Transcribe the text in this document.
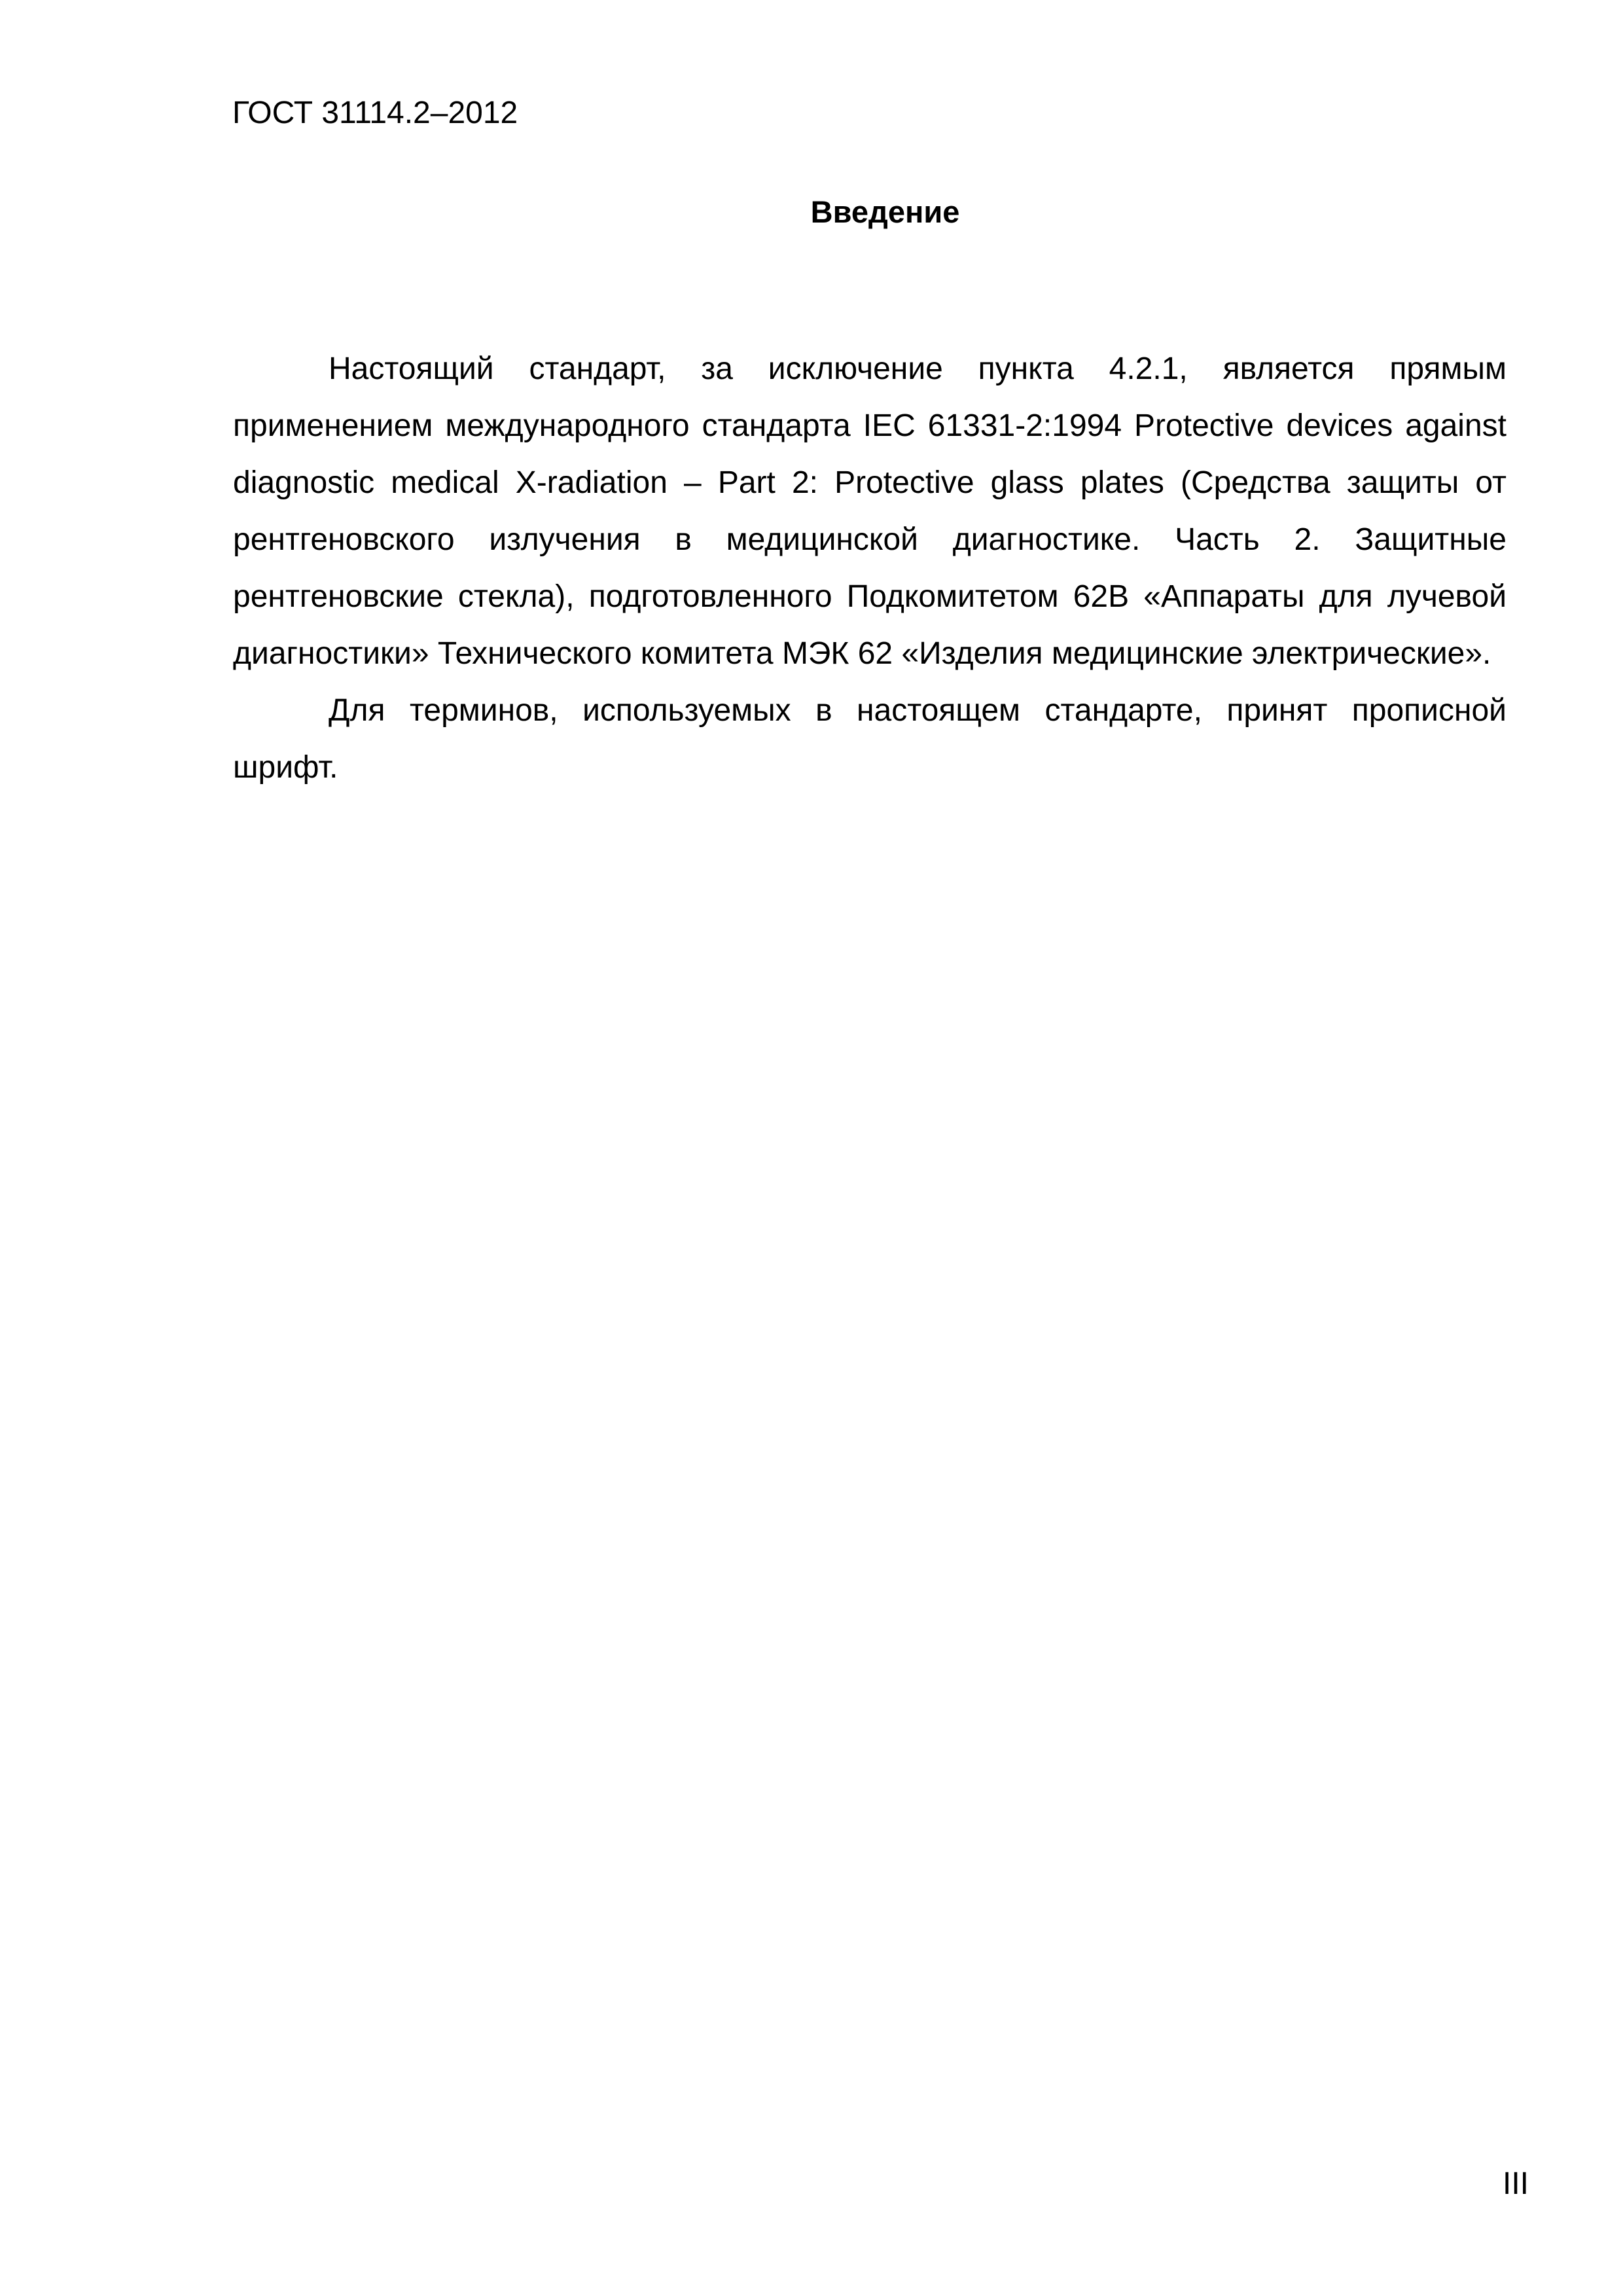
ГОСТ 31114.2–2012
Введение

Настоящий стандарт, за исключение пункта 4.2.1, является прямым применением международного стандарта IEC 61331-2:1994 Protective devices against diagnostic medical X-radiation – Part 2: Protective glass plates (Средства защиты от рентгеновского излучения в медицинской диагностике. Часть 2. Защитные рентгеновские стекла), подготовленного Подкомитетом 62В «Аппараты для лучевой диагностики» Технического комитета МЭК 62 «Изделия медицинские электрические».

Для терминов, используемых в настоящем стандарте, принят прописной шрифт.

III
